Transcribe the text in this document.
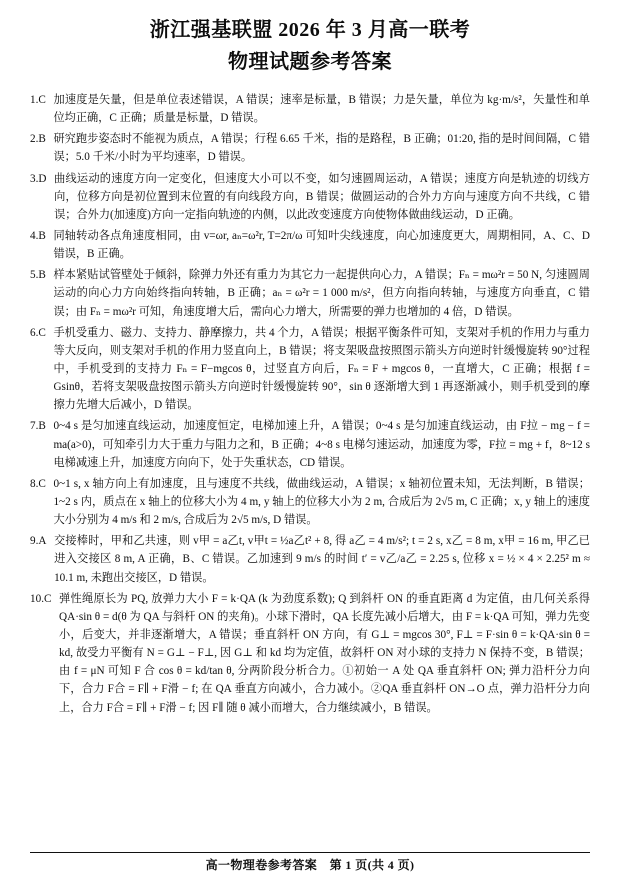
浙江强基联盟 2026 年 3 月高一联考
物理试题参考答案
1.C 加速度是矢量，但是单位表述错误，A 错误；速率是标量，B 错误；力是矢量，单位为 kg·m/s²，矢量性和单位均正确，C 正确；质量是标量，D 错误。
2.B 研究跑步姿态时不能视为质点，A 错误；行程 6.65 千米，指的是路程，B 正确；01:20, 指的是时间间隔，C 错误；5.0 千米/小时为平均速率，D 错误。
3.D 曲线运动的速度方向一定变化，但速度大小可以不变，如匀速圆周运动，A 错误；速度方向是轨迹的切线方向，位移方向是初位置到末位置的有向线段方向，B 错误；做圆运动的合外力方向与速度方向不共线，C 错误；合外力(加速度)方向一定指向轨迹的内侧，以此改变速度方向使物体做曲线运动，D 正确。
4.B 同轴转动各点角速度相同，由 v=ωr, aₙ=ω²r, T=2π/ω 可知叶尖线速度，向心加速度更大，周期相同，A、C、D 错误，B 正确。
5.B 样本紧贴试管壁处于倾斜，除弹力外还有重力为其它力一起提供向心力，A 错误；Fₙ = mω²r = 50 N, 匀速圆周运动的向心力方向始终指向转轴，B 正确；aₙ = ω²r = 1 000 m/s²，但方向指向转轴，与速度方向垂直，C 错误；由 Fₙ = mω²r 可知，角速度增大后，需向心力增大，所需要的弹力也增加的 4 倍，D 错误。
6.C 手机受重力、磁力、支持力、静摩擦力，共 4 个力，A 错误；根据平衡条件可知，支架对手机的作用力与重力等大反向，则支架对手机的作用力竖直向上，B 错误；将支架吸盘按照图示箭头方向逆时针缓慢旋转 90°过程中，手机受到的支持力 Fₙ = F−mgcos θ，过竖直方向后，Fₙ = F + mgcos θ，一直增大，C 正确；根据 f = Gsinθ，若将支架吸盘按图示箭头方向逆时针缓慢旋转 90°，sin θ 逐渐增大到 1 再逐渐减小，则手机受到的摩擦力先增大后减小，D 错误。
7.B 0~4 s 是匀加速直线运动，加速度恒定，电梯加速上升，A 错误；0~4 s 是匀加速直线运动，由 F拉 − mg − f = ma(a>0)，可知牵引力大于重力与阻力之和，B 正确；4~8 s 电梯匀速运动，加速度为零，F拉 = mg + f，8~12 s 电梯减速上升，加速度方向向下，处于失重状态，CD 错误。
8.C 0~1 s, x 轴方向上有加速度，且与速度不共线，做曲线运动，A 错误；x 轴初位置未知，无法判断，B 错误；1~2 s 内，质点在 x 轴上的位移大小为 4 m, y 轴上的位移大小为 2 m, 合成后为 2√5 m, C 正确；x, y 轴上的速度大小分别为 4 m/s 和 2 m/s, 合成后为 2√5 m/s, D 错误。
9.A 交接棒时，甲和乙共速，则 v甲 = a乙t, v甲t = ½a乙t² + 8, 得 a乙 = 4 m/s²; t = 2 s, x乙 = 8 m, x甲 = 16 m, 甲乙已进入交接区 8 m, A 正确，B、C 错误。乙加速到 9 m/s 的时间 t′ = v乙/a乙 = 2.25 s, 位移 x = ½ × 4 × 2.25² m ≈ 10.1 m, 未跑出交接区，D 错误。
10.C 弹性绳原长为 PQ, 放弹力大小 F = k·QA (k 为劲度系数); Q 到斜杆 ON 的垂直距离 d 为定值，由几何关系得 QA·sin θ = d(θ 为 QA 与斜杆 ON 的夹角)。小球下滑时，QA 长度先减小后增大，由 F = k·QA 可知，弹力先变小，后变大，并非逐渐增大，A 错误；垂直斜杆 ON 方向，有 G⊥ = mgcos 30°, F⊥ = F·sin θ = k·QA·sin θ = kd, 故受力平衡有 N = G⊥ − F⊥, 因 G⊥ 和 kd 均为定值，故斜杆 ON 对小球的支持力 N 保持不变，B 错误；由 f = μN 可知 F 合 cos θ = kd/tan θ, 分两阶段分析合力。①初始一 A 处 QA 垂直斜杆 ON; 弹力沿杆分力向下，合力 F合 = F∥ + F滑 − f; 在 QA 垂直方向减小，合力减小。②QA 垂直斜杆 ON→O 点，弹力沿杆分力向上，合力 F合 = F∥ + F滑 − f; 因 F∥ 随 θ 减小而增大，合力继续减小，B 错误。
高一物理卷参考答案　第 1 页(共 4 页)
